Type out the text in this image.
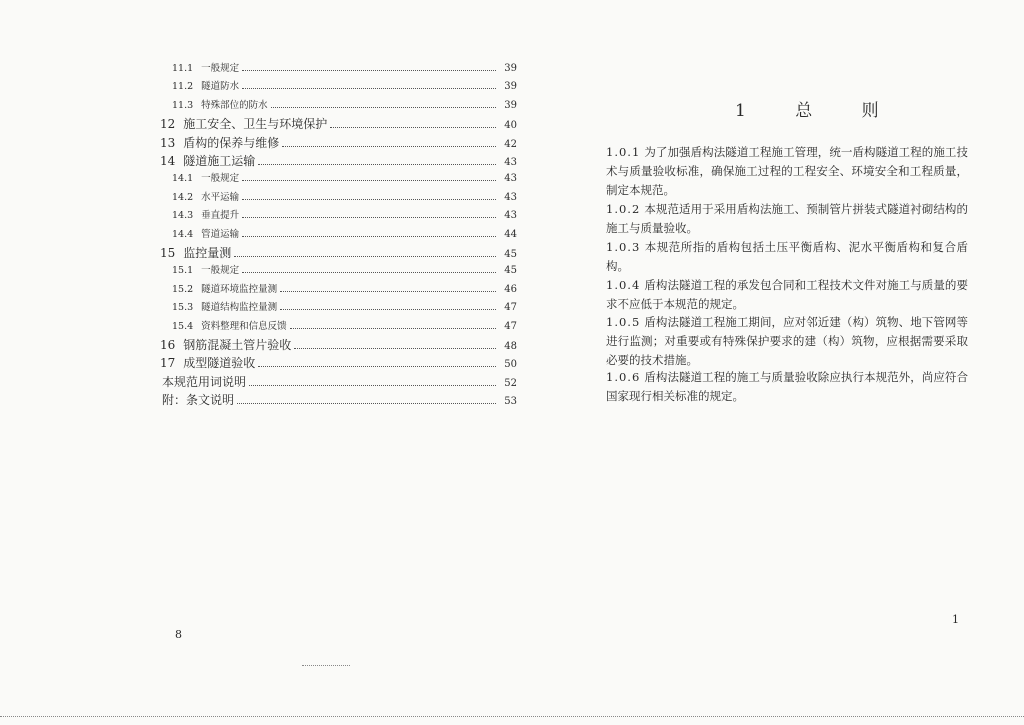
11.1 一般规定	39
11.2 隧道防水	39
11.3 特殊部位的防水	39
12 施工安全、卫生与环境保护	40
13 盾构的保养与维修	42
14 隧道施工运输	43
14.1 一般规定	43
14.2 水平运输	43
14.3 垂直提升	43
14.4 管道运输	44
15 监控量测	45
15.1 一般规定	45
15.2 隧道环境监控量测	46
15.3 隧道结构监控量测	47
15.4 资料整理和信息反馈	47
16 钢筋混凝土管片验收	48
17 成型隧道验收	50
本规范用词说明	52
附：条文说明	53
8
1 总 则
1.0.1 为了加强盾构法隧道工程施工管理，统一盾构隧道工程的施工技术与质量验收标准，确保施工过程的工程安全、环境安全和工程质量，制定本规范。
1.0.2 本规范适用于采用盾构法施工、预制管片拼装式隧道衬砌结构的施工与质量验收。
1.0.3 本规范所指的盾构包括土压平衡盾构、泥水平衡盾构和复合盾构。
1.0.4 盾构法隧道工程的承发包合同和工程技术文件对施工与质量的要求不应低于本规范的规定。
1.0.5 盾构法隧道工程施工期间，应对邻近建（构）筑物、地下管网等进行监测；对重要或有特殊保护要求的建（构）筑物，应根据需要采取必要的技术措施。
1.0.6 盾构法隧道工程的施工与质量验收除应执行本规范外，尚应符合国家现行相关标准的规定。
1
